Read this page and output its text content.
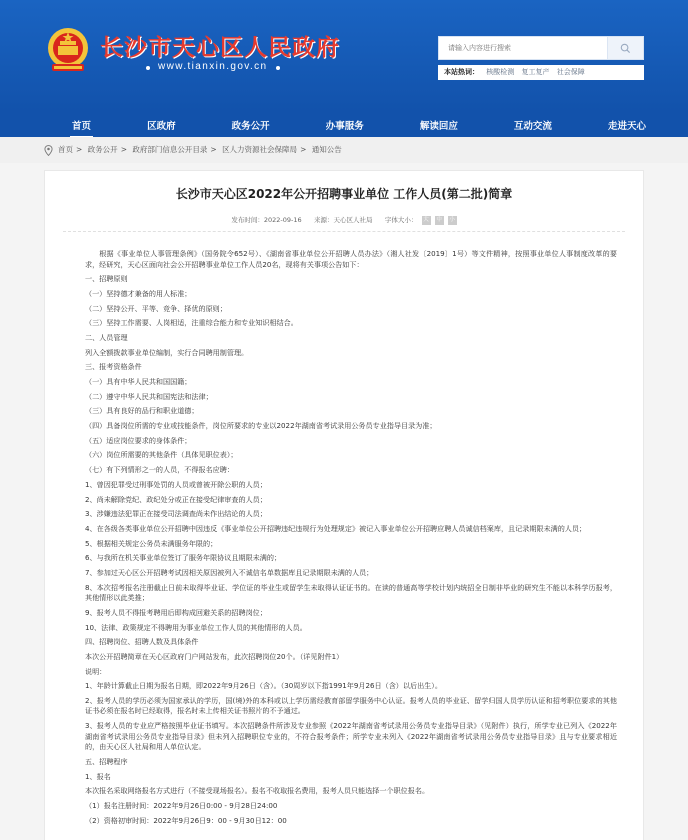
长沙市天心区人民政府
www.tianxin.gov.cn
请输入内容进行搜索	本站热词： 核酸检测 复工复产 社会保障
首页	区政府	政务公开	办事服务	解读回应	互动交流	走进天心
首页 > 政务公开 > 政府部门信息公开目录 > 区人力资源社会保障局 > 通知公告
长沙市天心区2022年公开招聘事业单位 工作人员(第二批)简章
发布时间：2022-09-16 来源：天心区人社局 字体大小： 大 中 小

根据《事业单位人事管理条例》（国务院令652号）、《湖南省事业单位公开招聘人员办法》（湘人社发〔2019〕1号）等文件精神，按照事业单位人事制度改革的要求，经研究，天心区面向社会公开招聘事业单位工作人员20名，现将有关事项公告如下：

一、招聘原则

（一）坚持德才兼备的用人标准；

（二）坚持公开、平等、竞争、择优的原则；

（三）坚持工作需要、人岗相适，注重综合能力和专业知识相结合。

二、人员管理

列入全额拨款事业单位编制，实行合同聘用制管理。

三、报考资格条件

（一）具有中华人民共和国国籍；

（二）遵守中华人民共和国宪法和法律；

（三）具有良好的品行和职业道德；

（四）具备岗位所需的专业或技能条件，岗位所要求的专业以2022年湖南省考试录用公务员专业指导目录为准；

（五）适应岗位要求的身体条件；

（六）岗位所需要的其他条件（具体见职位表）；

（七）有下列情形之一的人员，不得报名应聘：

1、曾因犯罪受过刑事处罚的人员或曾被开除公职的人员；

2、尚未解除党纪、政纪处分或正在接受纪律审查的人员；

3、涉嫌违法犯罪正在接受司法调查尚未作出结论的人员；

4、在各级各类事业单位公开招聘中因违反《事业单位公开招聘违纪违规行为处理规定》被记入事业单位公开招聘应聘人员诚信档案库，且记录期限未满的人员；

5、根据相关规定公务员未满服务年限的；

6、与我所在机关事业单位签订了服务年限协议且期限未满的；

7、参加过天心区公开招聘考试因相关原因被列入不诚信名单数据库且记录期限未满的人员；

8、本次招考报名注册截止日前未取得毕业证、学位证的毕业生或留学生未取得认证证书的。在读的普通高等学校计划内统招全日制非毕业的研究生不能以本科学历报考，其他情形以此类推；

9、报考人员不得报考聘用后即构成回避关系的招聘岗位；

10、法律、政策规定不得聘用为事业单位工作人员的其他情形的人员。

四、招聘岗位、招聘人数及具体条件

本次公开招聘简章在天心区政府门户网站发布，此次招聘岗位20个。（详见附件1）

说明：

1、年龄计算截止日期为报名日期，即2022年9月26日（含）。（30周岁以下指1991年9月26日（含）以后出生）。

2、报考人员的学历必须为国家承认的学历，国(境)外的本科或以上学历需经教育部留学服务中心认证。报考人员的毕业证、留学归国人员学历认证和招考职位要求的其他证书必须在报名时已经取得，报名时未上传相关证书照片的不予通过。

3、报考人员的专业应严格按照毕业证书填写。本次招聘条件所涉及专业参照《2022年湖南省考试录用公务员专业指导目录》（见附件）执行，所学专业已列入《2022年湖南省考试录用公务员专业指导目录》但未列入招聘职位专业的，不符合报考条件；所学专业未列入《2022年湖南省考试录用公务员专业指导目录》且与专业要求相近的，由天心区人社局和用人单位认定。

五、招聘程序

1、报名

本次报名采取网络报名方式进行（不接受现场报名）。报名不收取报名费用，报考人员只能选择一个职位报名。

（1）报名注册时间：2022年9月26日0:00 - 9月28日24:00

（2）资格初审时间：2022年9月26日9：00 - 9月30日12：00
